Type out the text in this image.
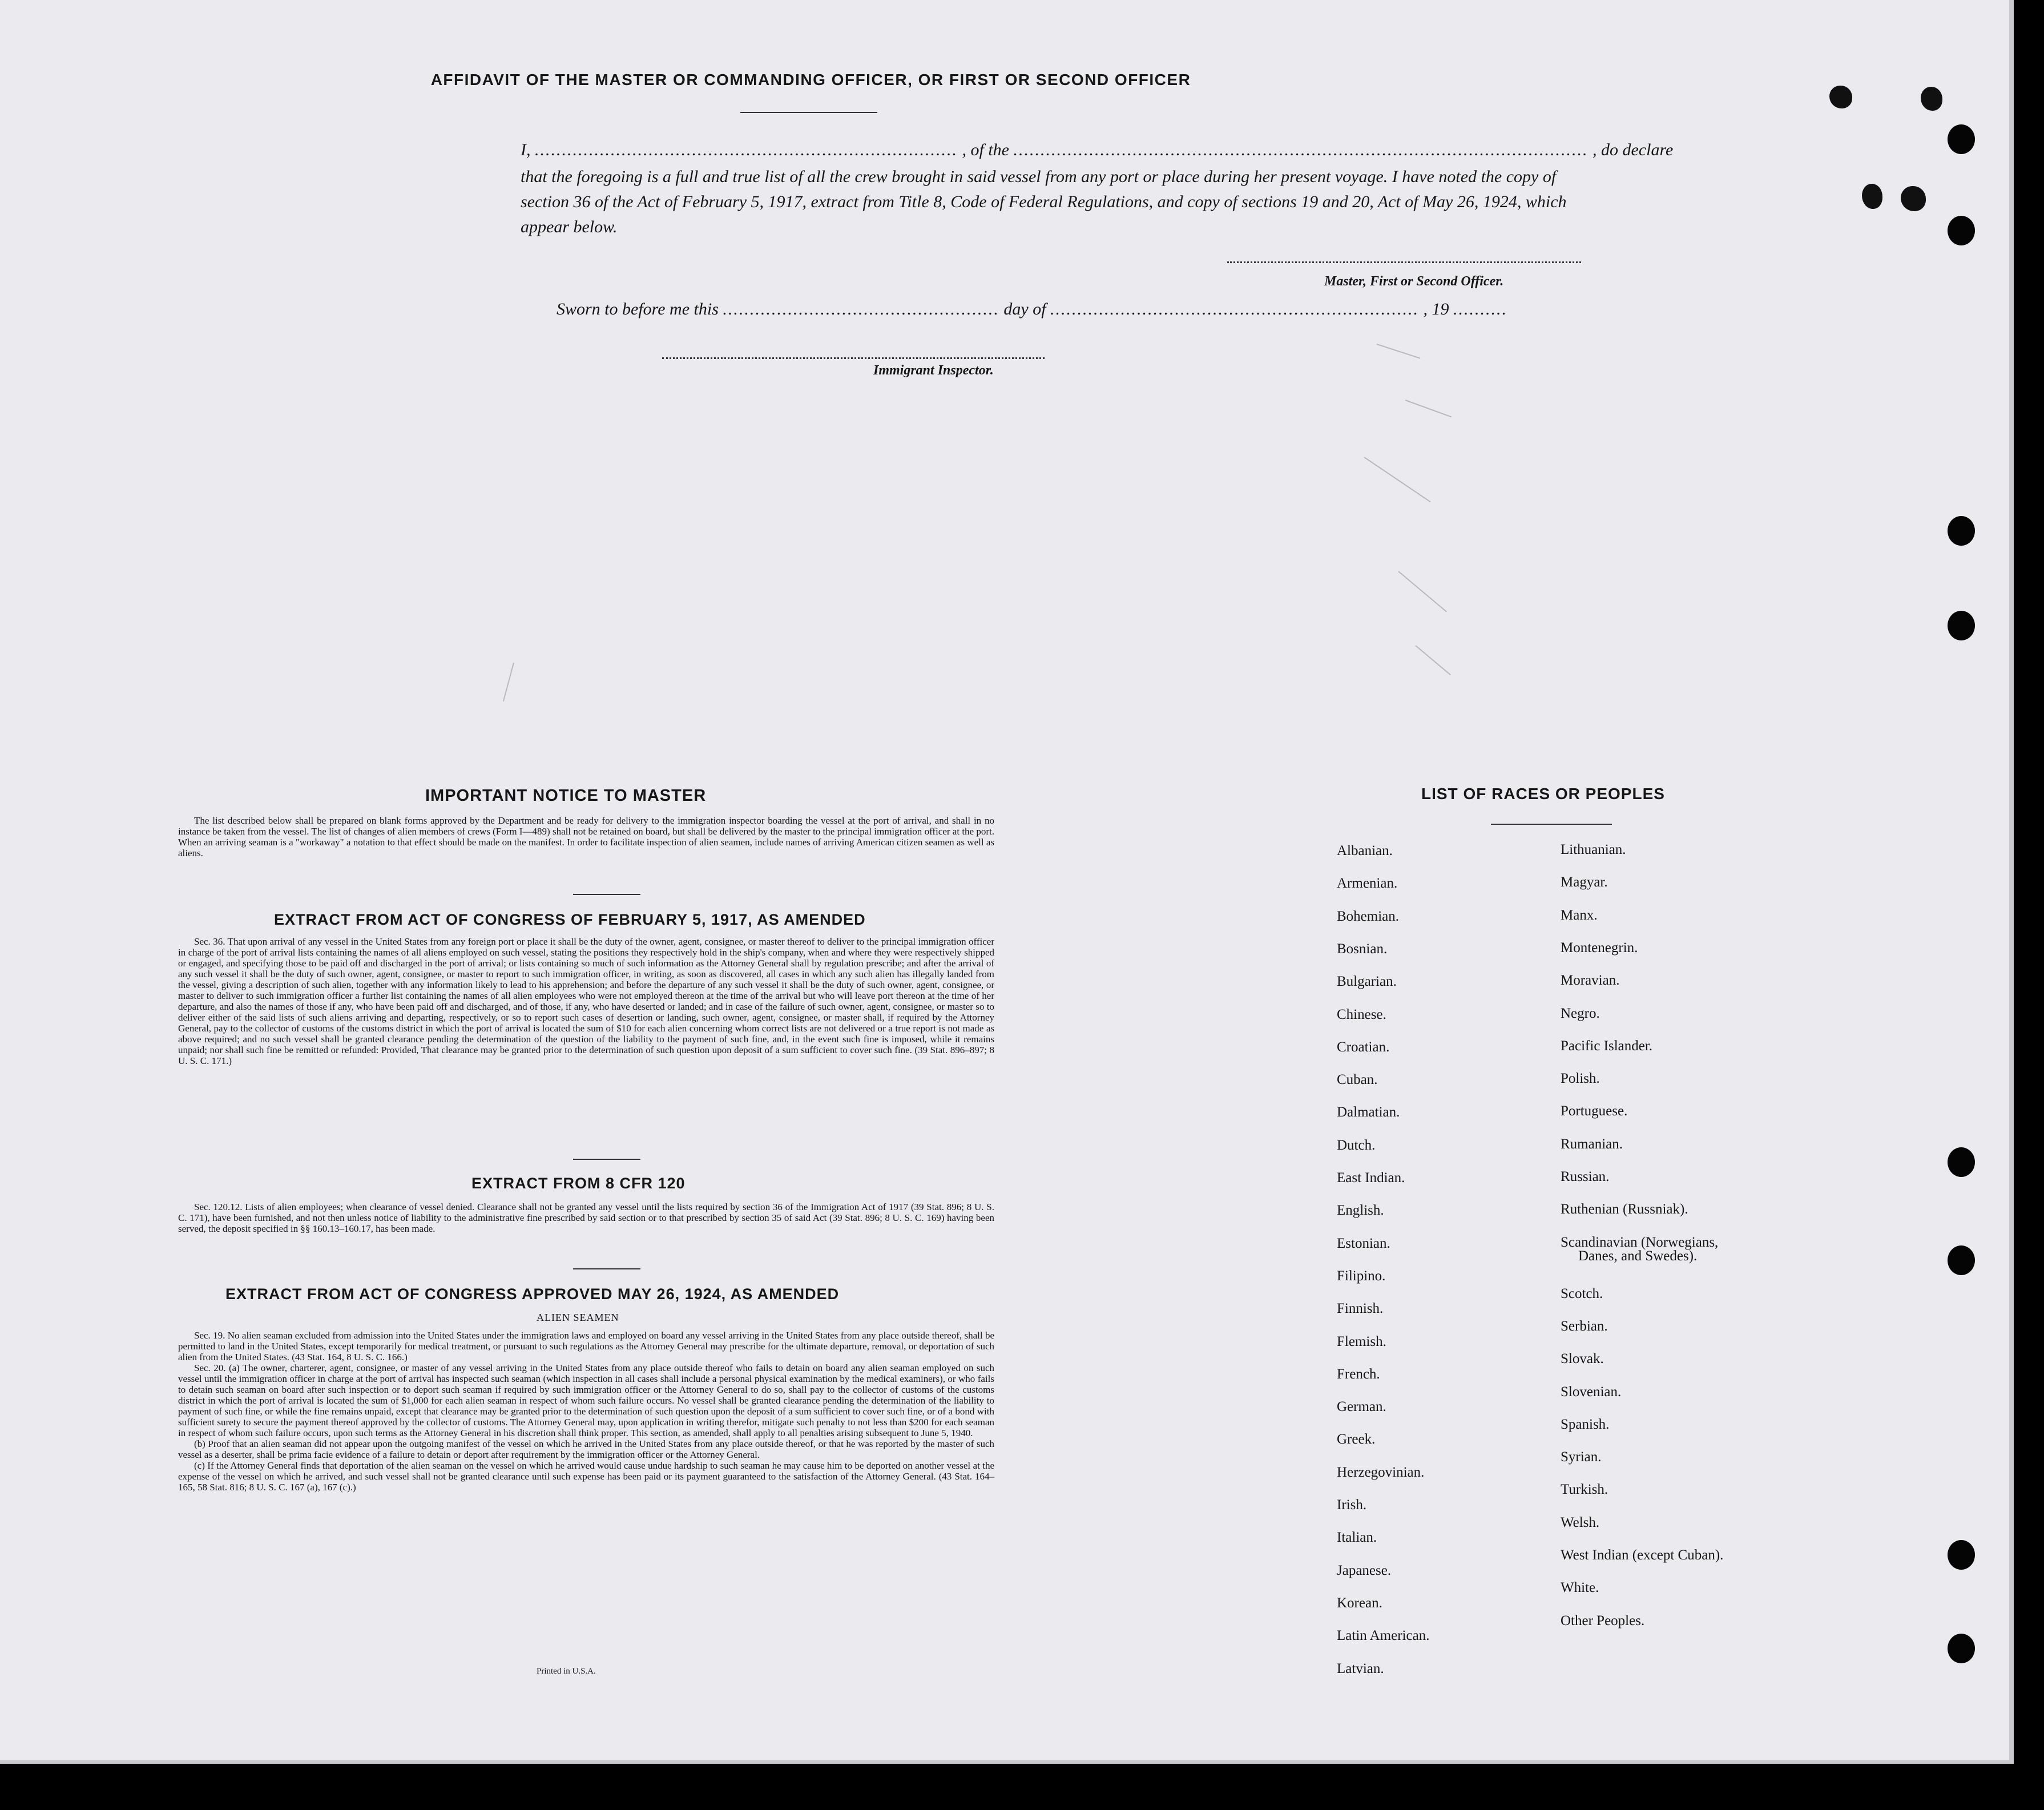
AFFIDAVIT OF THE MASTER OR COMMANDING OFFICER, OR FIRST OR SECOND OFFICER
I, .............................................................................. , of the .......................................................................................................... , do declare
that the foregoing is a full and true list of all the crew brought in said vessel from any port or place during her present voyage. I have noted the copy of section 36 of the Act of February 5, 1917, extract from Title 8, Code of Federal Regulations, and copy of sections 19 and 20, Act of May 26, 1924, which appear below.
Master, First or Second Officer.
Sworn to before me this ................................................... day of .................................................................... , 19 ..........
Immigrant Inspector.
IMPORTANT NOTICE TO MASTER

The list described below shall be prepared on blank forms approved by the Department and be ready for delivery to the immigration inspector boarding the vessel at the port of arrival, and shall in no instance be taken from the vessel. The list of changes of alien members of crews (Form I—489) shall not be retained on board, but shall be delivered by the master to the principal immigration officer at the port. When an arriving seaman is a "workaway" a notation to that effect should be made on the manifest. In order to facilitate inspection of alien seamen, include names of arriving American citizen seamen as well as aliens.

EXTRACT FROM ACT OF CONGRESS OF FEBRUARY 5, 1917, AS AMENDED

Sec. 36. That upon arrival of any vessel in the United States from any foreign port or place it shall be the duty of the owner, agent, consignee, or master thereof to deliver to the principal immigration officer in charge of the port of arrival lists containing the names of all aliens employed on such vessel, stating the positions they respectively hold in the ship's company, when and where they were respectively shipped or engaged, and specifying those to be paid off and discharged in the port of arrival; or lists containing so much of such information as the Attorney General shall by regulation prescribe; and after the arrival of any such vessel it shall be the duty of such owner, agent, consignee, or master to report to such immigration officer, in writing, as soon as discovered, all cases in which any such alien has illegally landed from the vessel, giving a description of such alien, together with any information likely to lead to his apprehension; and before the departure of any such vessel it shall be the duty of such owner, agent, consignee, or master to deliver to such immigration officer a further list containing the names of all alien employees who were not employed thereon at the time of the arrival but who will leave port thereon at the time of her departure, and also the names of those if any, who have been paid off and discharged, and of those, if any, who have deserted or landed; and in case of the failure of such owner, agent, consignee, or master so to deliver either of the said lists of such aliens arriving and departing, respectively, or so to report such cases of desertion or landing, such owner, agent, consignee, or master shall, if required by the Attorney General, pay to the collector of customs of the customs district in which the port of arrival is located the sum of $10 for each alien concerning whom correct lists are not delivered or a true report is not made as above required; and no such vessel shall be granted clearance pending the determination of the question of the liability to the payment of such fine, and, in the event such fine is imposed, while it remains unpaid; nor shall such fine be remitted or refunded: Provided, That clearance may be granted prior to the determination of such question upon deposit of a sum sufficient to cover such fine. (39 Stat. 896–897; 8 U. S. C. 171.)

EXTRACT FROM 8 CFR 120

Sec. 120.12. Lists of alien employees; when clearance of vessel denied. Clearance shall not be granted any vessel until the lists required by section 36 of the Immigration Act of 1917 (39 Stat. 896; 8 U. S. C. 171), have been furnished, and not then unless notice of liability to the administrative fine prescribed by said section or to that prescribed by section 35 of said Act (39 Stat. 896; 8 U. S. C. 169) having been served, the deposit specified in §§ 160.13–160.17, has been made.

EXTRACT FROM ACT OF CONGRESS APPROVED MAY 26, 1924, AS AMENDED
ALIEN SEAMEN

Sec. 19. No alien seaman excluded from admission into the United States under the immigration laws and employed on board any vessel arriving in the United States from any place outside thereof, shall be permitted to land in the United States, except temporarily for medical treatment, or pursuant to such regulations as the Attorney General may prescribe for the ultimate departure, removal, or deportation of such alien from the United States. (43 Stat. 164, 8 U. S. C. 166.)

Sec. 20. (a) The owner, charterer, agent, consignee, or master of any vessel arriving in the United States from any place outside thereof who fails to detain on board any alien seaman employed on such vessel until the immigration officer in charge at the port of arrival has inspected such seaman (which inspection in all cases shall include a personal physical examination by the medical examiners), or who fails to detain such seaman on board after such inspection or to deport such seaman if required by such immigration officer or the Attorney General to do so, shall pay to the collector of customs of the customs district in which the port of arrival is located the sum of $1,000 for each alien seaman in respect of whom such failure occurs. No vessel shall be granted clearance pending the determination of the liability to payment of such fine, or while the fine remains unpaid, except that clearance may be granted prior to the determination of such question upon the deposit of a sum sufficient to cover such fine, or of a bond with sufficient surety to secure the payment thereof approved by the collector of customs. The Attorney General may, upon application in writing therefor, mitigate such penalty to not less than $200 for each seaman in respect of whom such failure occurs, upon such terms as the Attorney General in his discretion shall think proper. This section, as amended, shall apply to all penalties arising subsequent to June 5, 1940.

(b) Proof that an alien seaman did not appear upon the outgoing manifest of the vessel on which he arrived in the United States from any place outside thereof, or that he was reported by the master of such vessel as a deserter, shall be prima facie evidence of a failure to detain or deport after requirement by the immigration officer or the Attorney General.

(c) If the Attorney General finds that deportation of the alien seaman on the vessel on which he arrived would cause undue hardship to such seaman he may cause him to be deported on another vessel at the expense of the vessel on which he arrived, and such vessel shall not be granted clearance until such expense has been paid or its payment guaranteed to the satisfaction of the Attorney General. (43 Stat. 164–165, 58 Stat. 816; 8 U. S. C. 167 (a), 167 (c).)

Printed in U.S.A.
LIST OF RACES OR PEOPLES
Albanian.
Armenian.
Bohemian.
Bosnian.
Bulgarian.
Chinese.
Croatian.
Cuban.
Dalmatian.
Dutch.
East Indian.
English.
Estonian.
Filipino.
Finnish.
Flemish.
French.
German.
Greek.
Herzegovinian.
Irish.
Italian.
Japanese.
Korean.
Latin American.
Latvian.
Lithuanian.
Magyar.
Manx.
Montenegrin.
Moravian.
Negro.
Pacific Islander.
Polish.
Portuguese.
Rumanian.
Russian.
Ruthenian (Russniak).
Scandinavian (Norwegians,
Danes, and Swedes).
Scotch.
Serbian.
Slovak.
Slovenian.
Spanish.
Syrian.
Turkish.
Welsh.
West Indian (except Cuban).
White.
Other Peoples.
